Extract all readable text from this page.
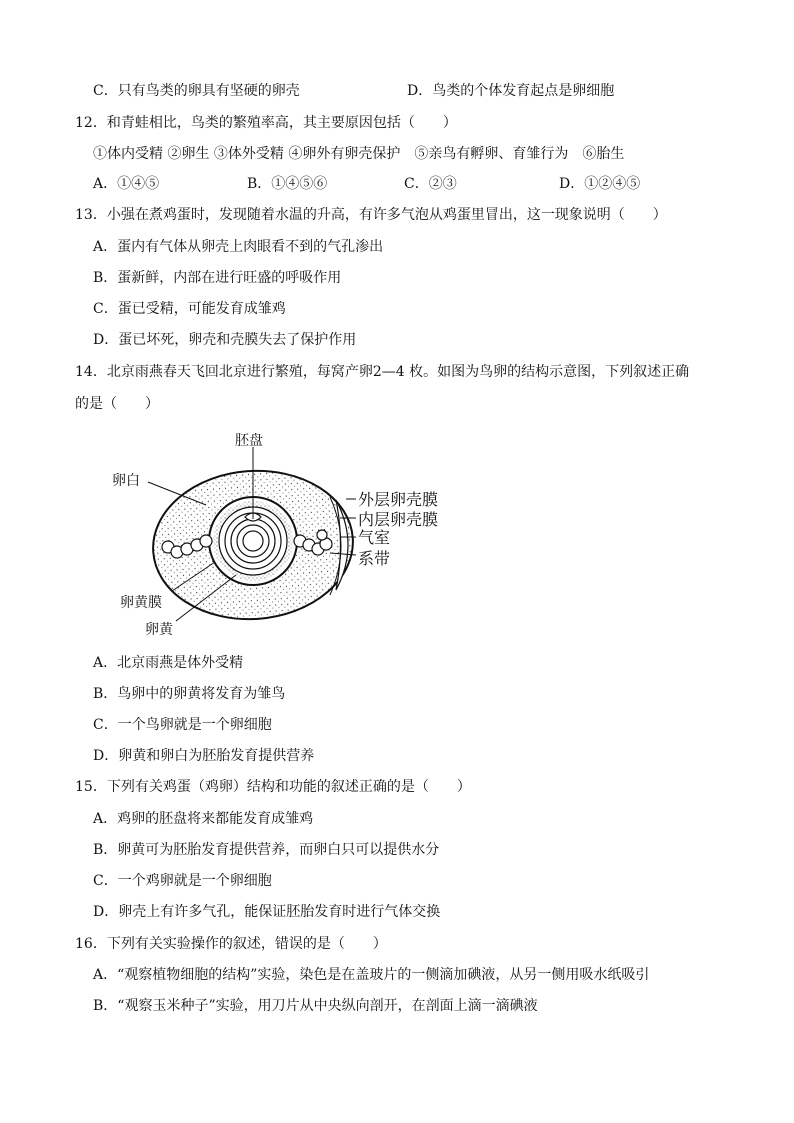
C．只有鸟类的卵具有坚硬的卵壳	D．鸟类的个体发育起点是卵细胞
12．和青蛙相比，鸟类的繁殖率高，其主要原因包括（　　）
①体内受精 ②卵生 ③体外受精 ④卵外有卵壳保护　⑤亲鸟有孵卵、育雏行为　⑥胎生
A．①④⑤	B．①④⑤⑥	C．②③	D．①②④⑤
13．小强在煮鸡蛋时，发现随着水温的升高，有许多气泡从鸡蛋里冒出，这一现象说明（　　）
A．蛋内有气体从卵壳上肉眼看不到的气孔渗出
B．蛋新鲜，内部在进行旺盛的呼吸作用
C．蛋已受精，可能发育成雏鸡
D．蛋已坏死，卵壳和壳膜失去了保护作用
14．北京雨燕春天飞回北京进行繁殖，每窝产卵2—4 枚。如图为鸟卵的结构示意图，下列叙述正确
的是（　　）
胚盘
卵白
外层卵壳膜
内层卵壳膜
气室
系带
卵黄膜
卵黄
A．北京雨燕是体外受精
B．鸟卵中的卵黄将发育为雏鸟
C．一个鸟卵就是一个卵细胞
D．卵黄和卵白为胚胎发育提供营养
15．下列有关鸡蛋（鸡卵）结构和功能的叙述正确的是（　　）
A．鸡卵的胚盘将来都能发育成雏鸡
B．卵黄可为胚胎发育提供营养，而卵白只可以提供水分
C．一个鸡卵就是一个卵细胞
D．卵壳上有许多气孔，能保证胚胎发育时进行气体交换
16．下列有关实验操作的叙述，错误的是（　　）
A．“观察植物细胞的结构”实验，染色是在盖玻片的一侧滴加碘液，从另一侧用吸水纸吸引
B．“观察玉米种子”实验，用刀片从中央纵向剖开，在剖面上滴一滴碘液
